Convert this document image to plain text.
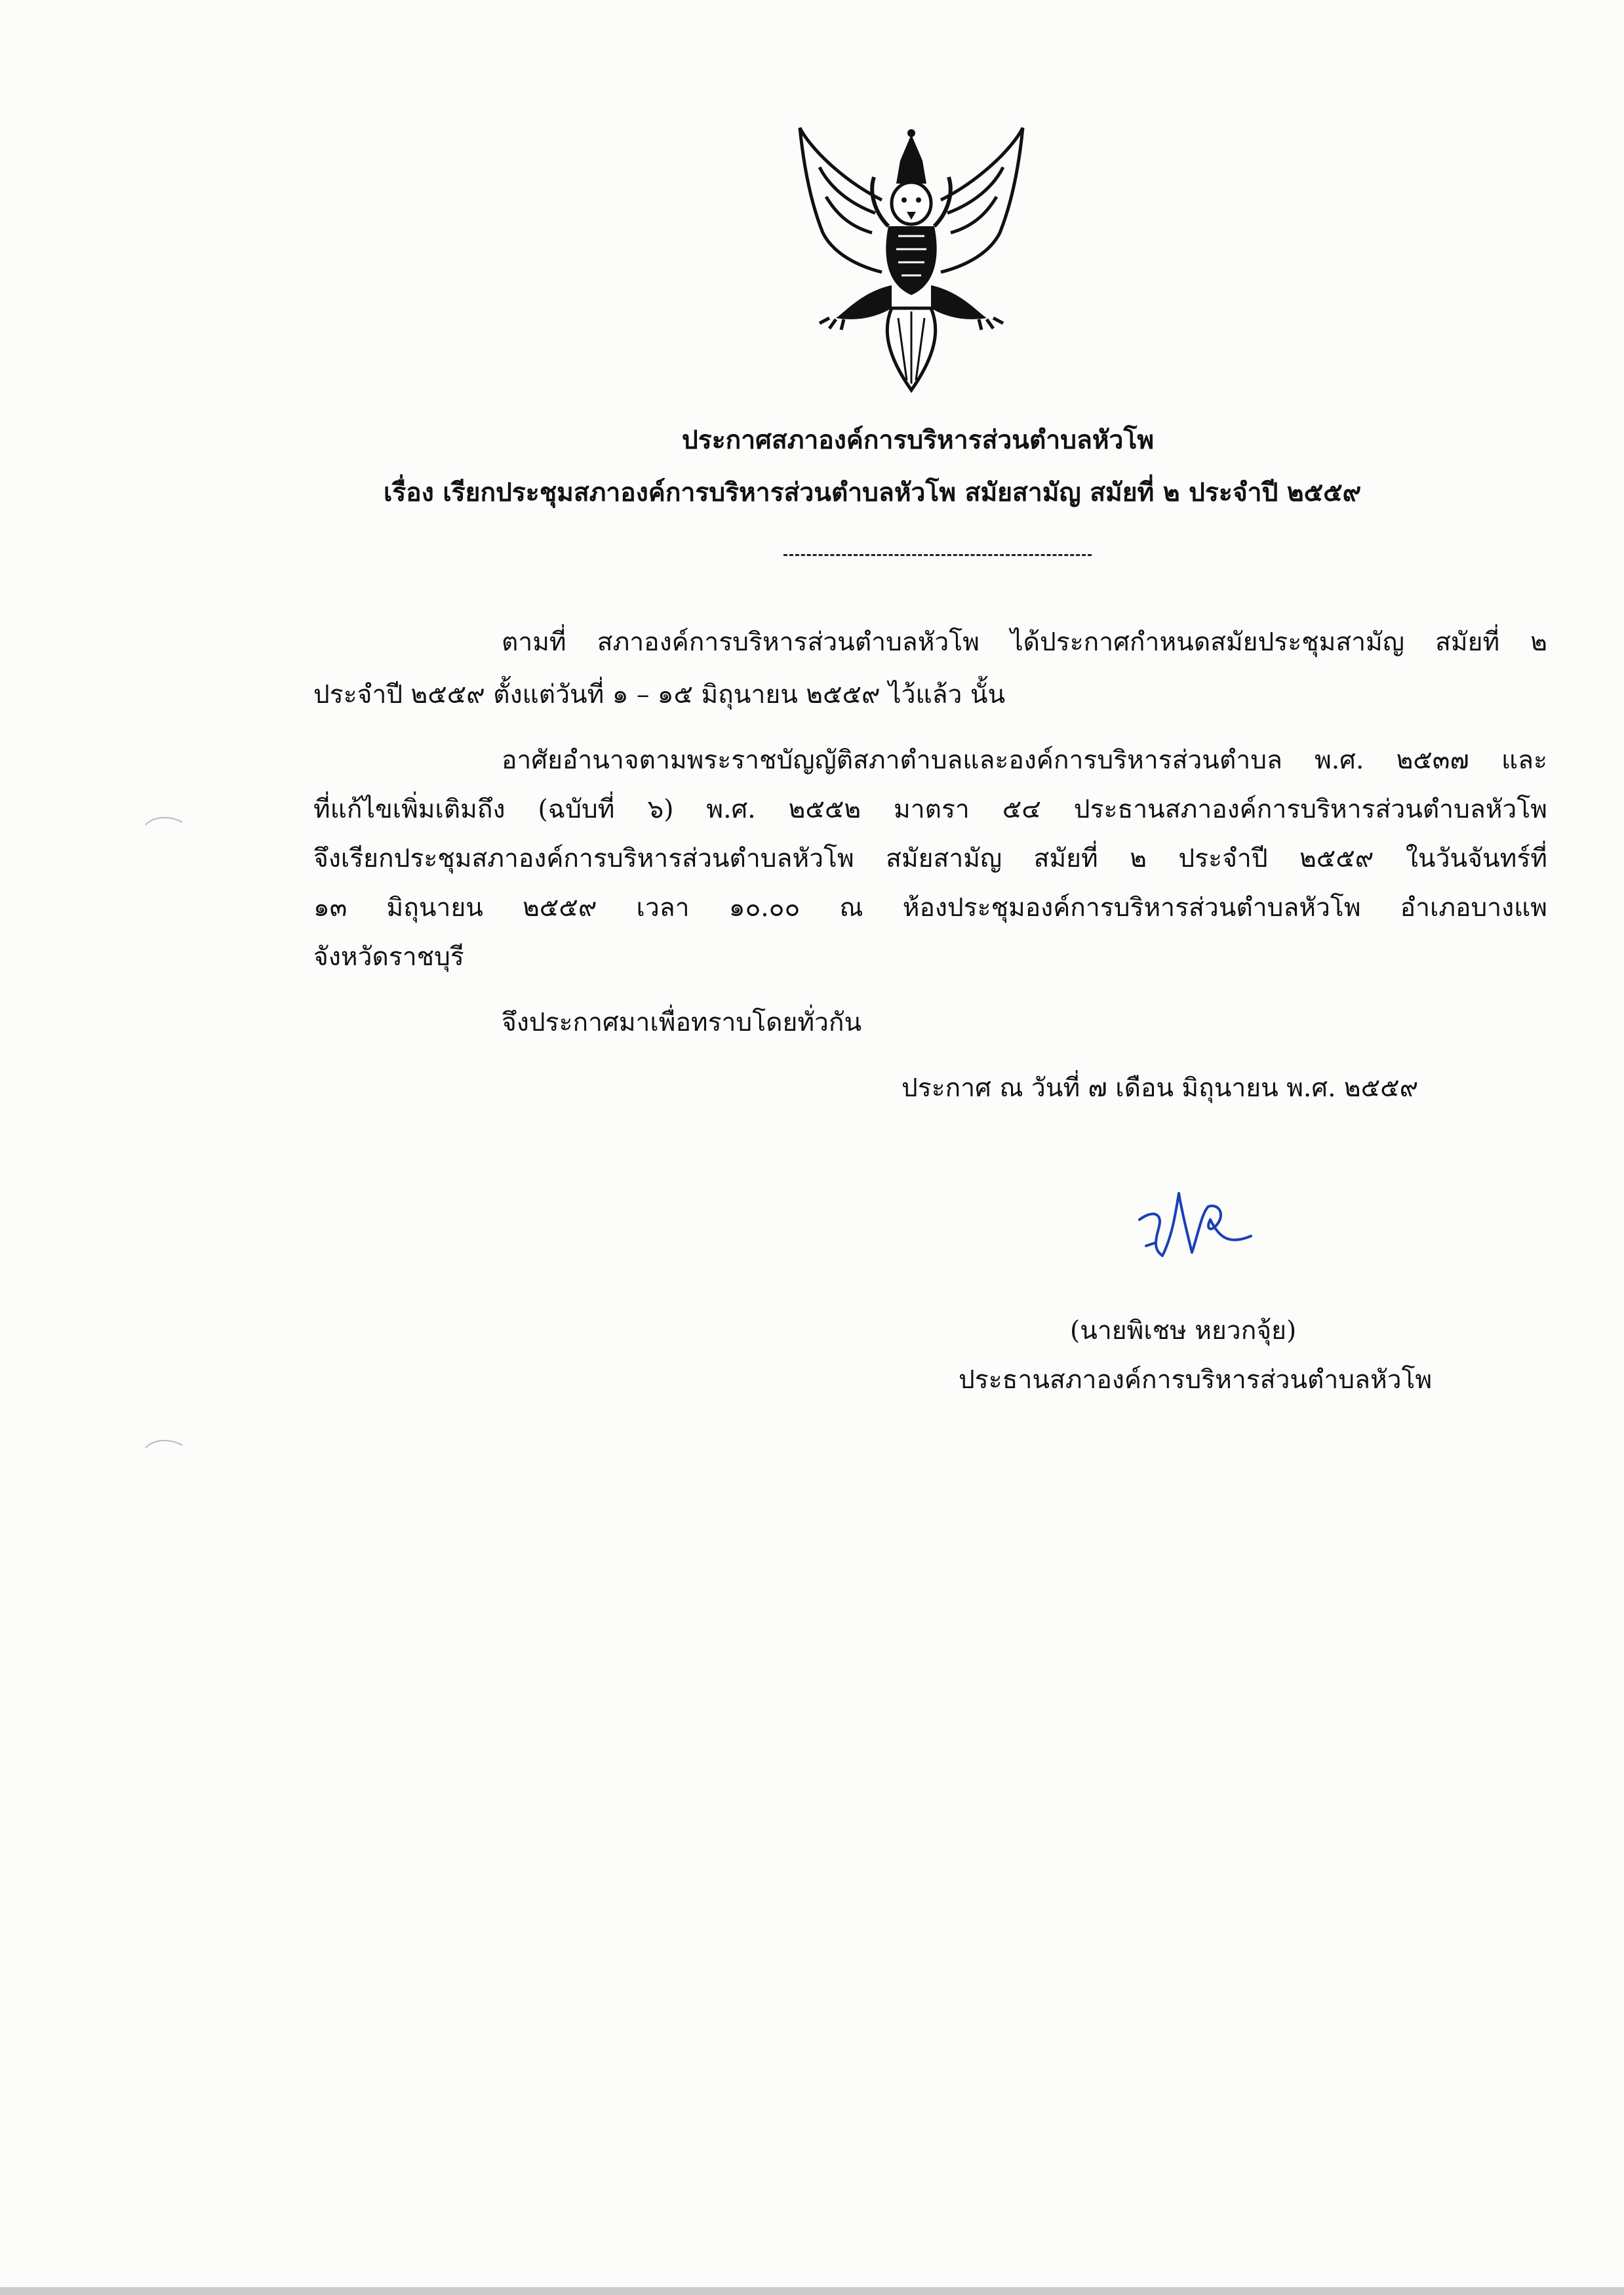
ประกาศสภาองค์การบริหารส่วนตำบลหัวโพ
เรื่อง เรียกประชุมสภาองค์การบริหารส่วนตำบลหัวโพ สมัยสามัญ สมัยที่ ๒ ประจำปี ๒๕๕๙
ตามที่ สภาองค์การบริหารส่วนตำบลหัวโพ ได้ประกาศกำหนดสมัยประชุมสามัญ สมัยที่ ๒
ประจำปี ๒๕๕๙ ตั้งแต่วันที่ ๑ – ๑๕ มิถุนายน ๒๕๕๙ ไว้แล้ว นั้น
อาศัยอำนาจตามพระราชบัญญัติสภาตำบลและองค์การบริหารส่วนตำบล พ.ศ. ๒๕๓๗ และ
ที่แก้ไขเพิ่มเติมถึง (ฉบับที่ ๖) พ.ศ. ๒๕๕๒ มาตรา ๕๔ ประธานสภาองค์การบริหารส่วนตำบลหัวโพ
จึงเรียกประชุมสภาองค์การบริหารส่วนตำบลหัวโพ สมัยสามัญ สมัยที่ ๒ ประจำปี ๒๕๕๙ ในวันจันทร์ที่
๑๓ มิถุนายน ๒๕๕๙ เวลา ๑๐.๐๐ ณ ห้องประชุมองค์การบริหารส่วนตำบลหัวโพ อำเภอบางแพ
จังหวัดราชบุรี
จึงประกาศมาเพื่อทราบโดยทั่วกัน
ประกาศ ณ วันที่ ๗ เดือน มิถุนายน พ.ศ. ๒๕๕๙
(นายพิเชษ หยวกจุ้ย)
ประธานสภาองค์การบริหารส่วนตำบลหัวโพ
